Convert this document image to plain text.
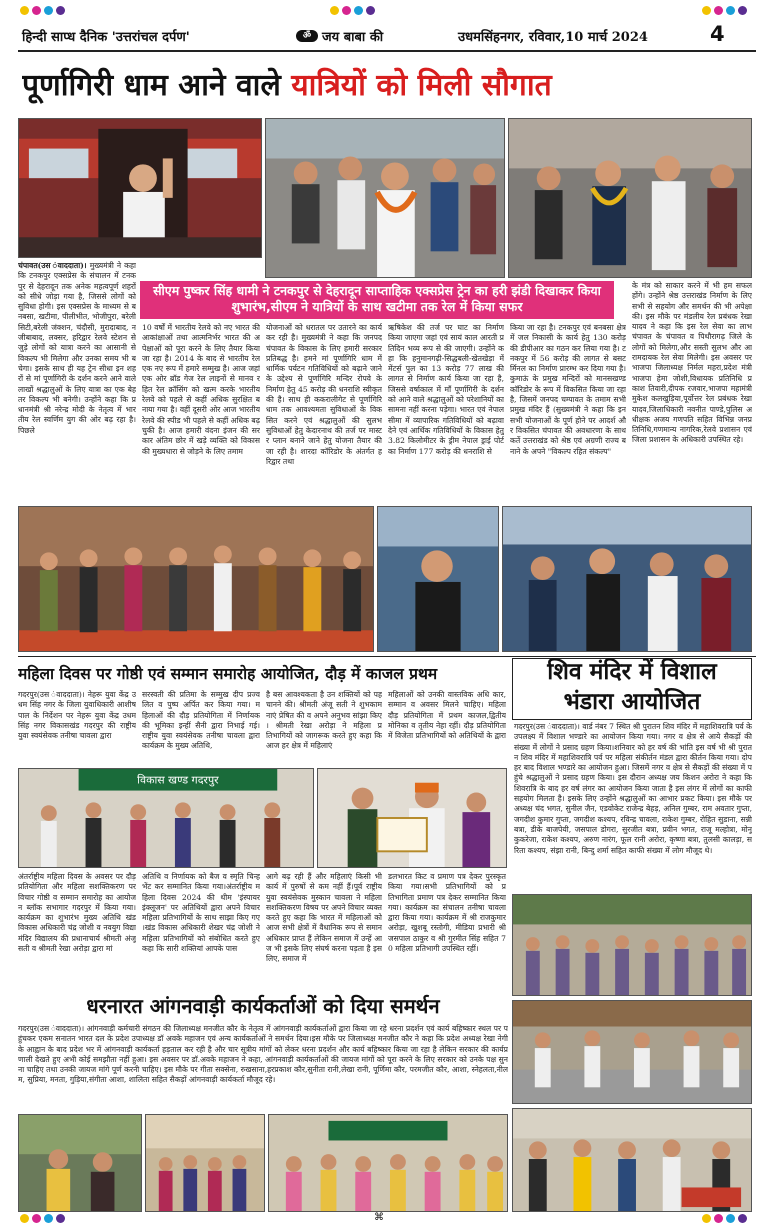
हिन्दी साप्ध दैनिक 'उत्तरांचल दर्पण'	ॐ जय बाबा की	उधमसिंहनगर, रविवार,10 मार्च 2024	4
पूर्णागिरी धाम आने वाले यात्रियों को मिली सौगात
सीएम पुष्कर सिंह धामी ने टनकपुर से देहरादून साप्ताहिक एक्सप्रेस ट्रेन का हरी झंडी दिखाकर किया शुभारंभ,सीएम ने यात्रियों के साथ खटीमा तक रेल में किया सफर
चंपावत(उस ंवाददाता)। मुख्यमंत्री ने कहा कि टनकपुर एक्सप्रेस के संचालन में टनकपुर से देहरादून तक अनेक महत्वपूर्ण शहरों को सीधे जोड़ा गया है, जिससे लोगों को सुविधा होगी। इस एक्सप्रेस के माध्यम से बनबसा, खटीमा, पीलीभीत, भोजीपुरा, बरेली सिटी,बरेली जंक्शन, चंदौसी, मुरादाबाद, नजीबाबाद, लक्सर, हरिद्वार रेलवे स्टेशन से जुड़े लोगों को यात्रा करने का आसानी से विकल्प भी मिलेगा और उनका समय भी बचेगा। इसके साथ ही यह ट्रेन सीधा इन शहरों से मां पूर्णागिरी के दर्शन करने आने वाले लाखों श्रद्धालुओं के लिए यात्रा का एक बेहतर विकल्प भी बनेगी। उन्होंने कहा कि प्रधानमंत्री श्री नरेन्द्र मोदी के नेतृत्व में भारतीय रेल स्वर्णिम युग की ओर बढ़ रहा है। पिछले
10 वर्षों में भारतीय रेलवे को नए भारत की आकांक्षाओं तथा आत्मनिर्भर भारत की अपेक्षाओं को पूरा करने के लिए तैयार किया जा रहा है। 2014 के बाद से भारतीय रेल एक नए रूप में हमारे सम्मुख है। आज जहां एक ओर ब्रॉड गेज रेल लाइनों से मानव रहित रेल क्रॉसिंग को खत्म करके भारतीय रेलवे को पहले से कहीं अधिक सुरक्षित बनाया गया है। वहीं दूसरी ओर आज भारतीय रेलवे की स्पीड भी पहले से कहीं अधिक बढ़ चुकी है। आज हमारी वंदना इंजन की सरकार अंतिम छोर में खड़े व्यक्ति को विकास की मुख्यधारा से जोड़ने के लिए तमाम
योजनाओं को धरातल पर उतारने का कार्य कर रही है। मुख्यमंत्री ने कहा कि जनपद चंपावत के विकास के लिए हमारी सरकार प्रतिबद्ध है। हमने मां पूर्णागिरि धाम में धार्मिक पर्यटन गतिविधियों को बढ़ाने जाने के उद्देश्य से पूर्णागिरि मन्दिर रोपवे के निर्माण हेतु 45 करोड़ की धनराशि स्वीकृत की है। साथ ही ककरालीगेट से पूर्णागिरि धाम तक आवश्यमता सुविधाओं के विकसित करने एवं श्रद्धालुओं की सुलभ सुविधाओं हेतु केदारनाथ की तर्ज पर मास्टर प्लान बनाने जाने हेतु योजना तैयार की जा रही है। शारदा कॉरिडोर के अंतर्गत हरिद्वार तथा
ऋषिकेश की तर्ज पर घाट का निर्माण किया जाएगा जहां एवं सायं काल आरती प्रतिदिन भव्य रूप से की जाएगी। उन्होंने कहा कि हनुमानगढ़ी-सिद्धबली-खेतखेड़ा में मेंटर्स पुल का 13 करोड़ 77 लाख की लागत से निर्माण कार्य किया जा रहा है, जिससे वर्षाकाल में माँ पूर्णागिरी के दर्शन को आने वाले श्रद्धालुओं को परेशानियों का सामना नहीं करना पड़ेगा। भारत एवं नेपाल सीमा में व्यापारिक गतिविधियों को बढ़ावा देने एवं आर्थिक गतिविधियों के विकास हेतु 3.82 किलोमीटर के ड्रीम नेपाल ड्राई पोर्ट का निर्माण 177 करोड़ की धनराशि से
किया जा रहा है। टनकपुर एवं बनबसा क्षेत्र में जल निकासी के कार्य हेतु 130 करोड़ की डीपीआर का गठन कर लिया गया है। टनकपुर में 56 करोड़ की लागत से बसटर्मिनल का निर्माण प्रारम्भ कर दिया गया है। कुमाऊं के प्रमुख मन्दिरों को मानसखण्ड कॉरिडोर के रूप में विकसित किया जा रहा है, जिसमें जनपद चम्पावत के तमाम सभी प्रमुख मंदिर हैं (सुख्यमंत्री ने कहा कि इन सभी योजनाओं के पूर्ण होने पर आदर्श और विकसित चंपावत की अवधारणा के साथ कर्ते उत्तराखंड को श्रेष्ठ एवं अग्रणी राज्य बनाने के अपने "विकल्प रहित संकल्प"
के मंत्र को साकार करने में भी हम सफल होंगे। उन्होंने श्रेष्ठ उत्तराखंड निर्माण के लिए सभी से सहयोग और समर्थन की भी अपेक्षा की। इस मौके पर मंडलीय रेल प्रबंधक रेखा यादव ने कहा कि इस रेल सेवा का लाभ चंपावत के चंपावत व पिथौरागढ़ जिले के लोगों को मिलेगा,और सस्ती सुलभ और आरामदायक रेल सेवा मिलेगी। इस अवसर पर भाजपा जिलाध्यक्ष निर्मल महरा,प्रदेश मंत्री भाजपा हेमा जोशी,विधायक प्रतिनिधि प्रकाश तिवारी,दीपक रजवार,भाजपा महामंत्री मुकेश कलखुड़िया,पूर्वोत्तर रेल प्रबंधक रेखा यादव,जिलाधिकारी नवनीत पाण्डे,पुलिस अधीक्षक अजय गणपति सहित विभिन्न जनप्रतिनिधि,गणमान्य नागरिक,रेलवे प्रशासन एवं जिला प्रशासन के अधिकारी उपस्थित रहे।
महिला दिवस पर गोष्ठी एवं सम्मान समारोह आयोजित, दौड़ में काजल प्रथम
गदरपुर(उस ंवाददाता)। नेहरू युवा केंद्र उधम सिंह नगर के जिला युवाधिकारी आशीष पाल के निर्देशन पर नेहरू युवा केंद्र उधम सिंह नगर विकासखंड गदरपुर की राष्ट्रीय युवा स्वयंसेवक तनीषा चावला द्वारा
सरस्वती की प्रतिमा के सम्मुख दीप प्रज्वलित व पुष्प अर्पित कर किया गया। महिलाओं की दौड़ प्रतियोगिता में निर्णायक की भूमिका इन्हीं सैनी द्वारा निभाई गई। राष्ट्रीय युवा स्वयंसेवक तनीषा चावला द्वारा कार्यक्रम के मुख्य अतिथि,
है बस आवश्यकता है उन शक्तियों को पहचानने की। श्रीमती अंजू सती ने शुभकामनाएं प्रेषित की व अपने अनुभव सांझा किए। श्रीमती रेखा अरोड़ा ने महिला प्रतिभागियों को जागरूक करते हुए कहा कि आज हर क्षेत्र में महिलाएं
महिलाओं को उनकी वास्तविक अधि कार, सम्मान व अवसर मिलने चाहिए। महिला दौड़ प्रतियोगिता में प्रथम काजल,द्वितीय मोनिका व तृतीय नेहा रहीं। दौड़ प्रतियोगिता में विजेता प्रतिभागियों को अतिथियों के द्वारा
विकास खण्ड गदरपुर
अंतर्राष्ट्रीय महिला दिवस के अवसर पर दौड़ प्रतियोगिता और महिला सशक्तिकरण पर विचार गोष्ठी व सम्मान समारोह का आयोजन ब्लॉक सभागार गदरपुर में किया गया। कार्यक्रम का शुभारंभ मुख्य अतिथि खंड विकास अधिकारी चंद्र जोशी व नवयुग विद्या मंदिर विद्यालय की प्रधानाचार्य श्रीमती अंजू सती व श्रीमती रेखा अरोड़ा द्वारा मां
अतिथि व निर्णायक को बैज व स्मृति चिन्ह भेंट कर सम्मानित किया गया।अंतर्राष्ट्रीय महिला दिवस 2024 की थीम 'इंस्पायर इंक्लूजन' पर अतिथियों द्वारा अपने विचार महिला प्रतिभागियों के साथ साझा किए गए।खंड विकास अधिकारी शेखर चंद्र जोशी ने महिला प्रतिभागियों को संबोधित करते हुए कहा कि सारी शक्तियां आपके पास
आगे बढ़ रही हैं और महिलाएं किसी भी कार्य में पुरुषों से कम नहीं हैं।पूर्व राष्ट्रीय युवा स्वयंसेवक मुस्कान चावला ने महिला सशक्तिकरण विषय पर अपने विचार व्यक्त करते हुए कहा कि भारत में महिलाओं को आज सभी क्षेत्रों में वैधानिक रूप से समान अधिकार प्राप्त हैं लेकिन समाज में उन्हें आज भी इसके लिए संघर्ष करना पड़ता है इसलिए, समाज में
डलभारत किट व प्रमाण पत्र देकर पुरस्कृत किया गया।सभी प्रतिभागियों को प्रतिभागिता प्रमाण पत्र देकर सम्मानित किया गया। कार्यक्रम का संचालन तनीषा चावला द्वारा किया गया। कार्यक्रम में श्री राजकुमार अरोड़ा, खुशबू रस्तोगी, मीडिया प्रभारी श्री जसपाल ठाकुर व श्री गुरमीत सिंह सहित 70 महिला प्रतिभागी उपस्थित रहीं।
शिव मंदिर में विशाल
भंडारा आयोजित
गदरपुर(उस ंवाददाता)। वार्ड नंबर 7 स्थित श्री पुरातन शिव मंदिर में महाशिवरात्रि पर्व के उपलक्ष्य में विशाल भण्डारे का आयोजन किया गया। नगर व क्षेत्र से आये सैकड़ों की संख्या में लोगों ने प्रसाद ग्रहण किया।शनिवार को हर वर्ष की भांति इस वर्ष भी श्री पुरातन शिव मंदिर में महाशिवरात्रि पर्व पर महिला संकीर्तन मंडल द्वारा कीर्तन किया गया। दोपहर बाद विशाल भण्डारे का आयोजन हुआ। जिसमें नगर व क्षेत्र से सैकड़ों की संख्या में पहुंचे श्रद्धालुओं ने प्रसाद ग्रहण किया। इस दौरान अध्यक्ष जय किशन अरोरा ने कहा कि शिवरात्रि के बाद हर वर्ष लंगर का आयोजन किया जाता है इस लंगर में लोगों का काफी सहयोग मिलता है। इसके लिए उन्होंने श्रद्धालुओं का आभार प्रकट किया। इस मौके पर अध्यक्ष चंद भगत, सुनील जैन, एडवोकेट राजेन्द्र बेहड़, अनिल गुम्बर, राम अवतार गुप्ता, जगदीश कुमार गुप्ता, जगदीश कश्यप, रविन्द्र चावला, राकेश गुम्बर, रोहित सुडाना, सन्नी बत्रा, डीके बाजपेयी, जसपाल डोगरा, सुरजीत बत्रा, प्रवीन भगत, राजू मल्होत्रा, मोनू कुकरेजा, राकेश कश्यप, अरुण नारंग, फूल रानी अरोरा, कृष्णा बत्रा, तुलसी कालड़ा, सरिता कश्यप, संझा रानी, बिन्दु शर्मा सहित काफी संख्या में लोग मौजूद थे।
धरनारत आंगनवाड़ी कार्यकर्ताओं को दिया समर्थन
गदरपुर(उस ंवाददाता)। आंगनवाड़ी कर्मचारी संगठन की जिलाध्यक्ष मनजीत कौर के नेतृत्व में आंगनवाड़ी कार्यकर्ताओं द्वारा किया जा रहे धरना प्रदर्शन एवं कार्य बहिष्कार स्थल पर पहुंचकर एकम सनातन भारत दल के प्रदेश उपाध्यक्ष डॉ अवके महाजन एवं अन्य कार्यकर्ताओं ने समर्थन दिया।इस मौके पर जिलाध्यक्ष मनजीत कौर ने कहा कि प्रदेश अध्यक्ष रेखा नेगी के आह्वान के बाद प्रदेश भर में आंगनवाड़ी कार्यकर्ता हड़ताल कर रही है और चार सूत्रीय मांगों को लेकर धरना प्रदर्शन और कार्य बहिष्कार किया जा रहा है लेकिन सरकार की कार्यप्रणाली देखते हुए अभी कोई समझौता नहीं हुआ। इस अवसर पर डॉ.अवके महाजन ने कहा, आंगनवाड़ी कार्यकर्ताओं की जायज मांगों को पूरा करने के लिए सरकार को उनके पक्ष सुनना चाहिए तथा उनकी जायज मांगे पूर्ण करनी चाहिए। इस मौके पर गीता सक्सेना, रुखसाना,हरप्रकाश कौर,सुनीता रानी,लेखा रानी, पूर्णिमा कौर, परमजीत कौर, आशा, स्नेहलता,नीलम, सुप्रिया, मनता, गुड़िया,संगीता आशा, शालिता सहित सैकड़ों आंगनवाड़ी कार्यकर्ता मौजूद रहे।
⌘
